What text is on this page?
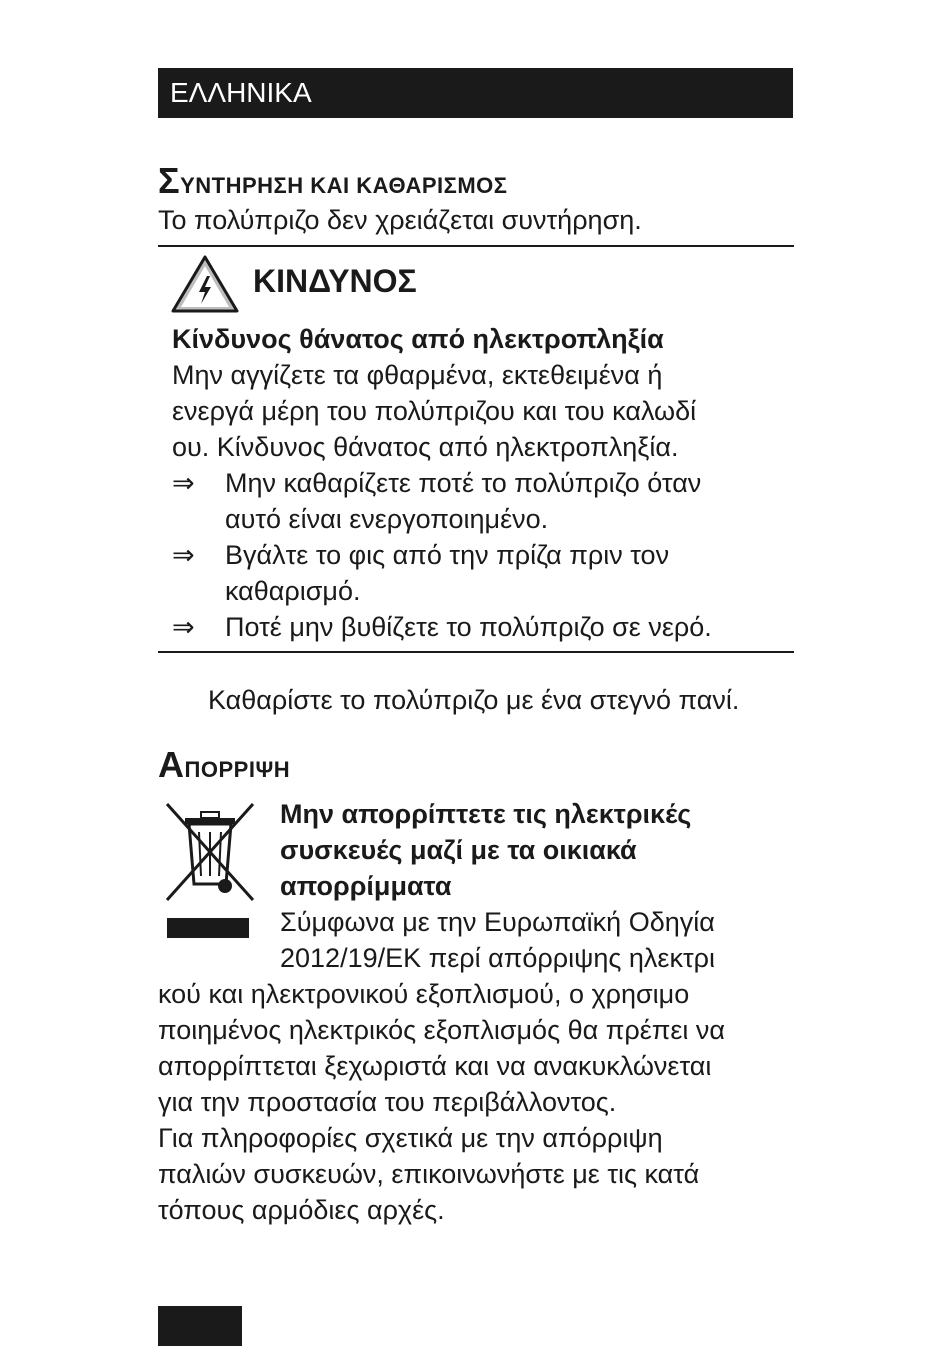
ΕΛΛΗΝΙΚΑ
ΣΥΝΤΗΡΗΣΗ ΚΑΙ ΚΑΘΑΡΙΣΜΟΣ
Το πολύπριζο δεν χρειάζεται συντήρηση.
ΚΙΝΔΥΝΟΣ
Κίνδυνος θάνατος από ηλεκτροπληξία
Μην αγγίζετε τα φθαρμένα, εκτεθειμένα ή
ενεργά μέρη του πολύπριζου και του καλωδί
ου. Κίνδυνος θάνατος από ηλεκτροπληξία.
⇒ Μην καθαρίζετε ποτέ το πολύπριζο όταν
αυτό είναι ενεργοποιημένο.
⇒ Βγάλτε το φις από την πρίζα πριν τον
καθαρισμό.
⇒ Ποτέ μην βυθίζετε το πολύπριζο σε νερό.
Καθαρίστε το πολύπριζο με ένα στεγνό πανί.
ΑΠΟΡΡΙΨΗ
Μην απορρίπτετε τις ηλεκτρικές
συσκευές μαζί με τα οικιακά
απορρίμματα
Σύμφωνα με την Ευρωπαϊκή Οδηγία
2012/19/ΕΚ περί απόρριψης ηλεκτρι
κού και ηλεκτρονικού εξοπλισμού, ο χρησιμο
ποιημένος ηλεκτρικός εξοπλισμός θα πρέπει να
απορρίπτεται ξεχωριστά και να ανακυκλώνεται
για την προστασία του περιβάλλοντος.
Για πληροφορίες σχετικά με την απόρριψη
παλιών συσκευών, επικοινωνήστε με τις κατά
τόπους αρμόδιες αρχές.
